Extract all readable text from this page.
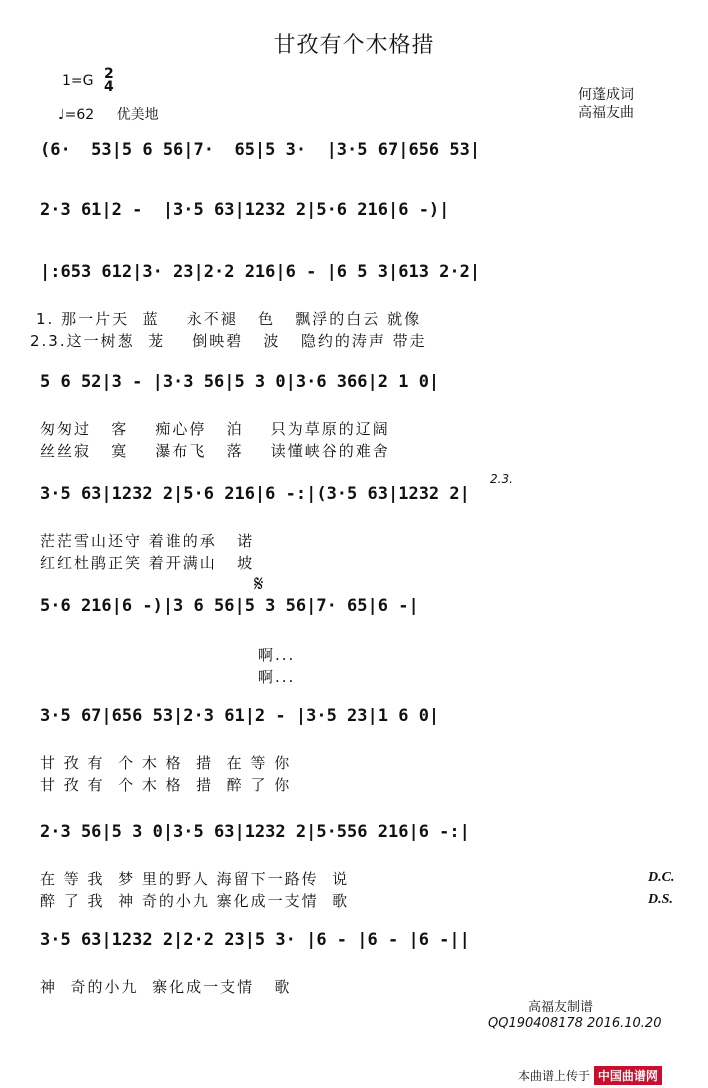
甘孜有个木格措
1=G 2
4
♩=62 优美地
何蓬成词
高福友曲
(6·  53|5 6 56|7·  65|5 3·  |3·5 67|656 53|
2·3 61|2 -  |3·5 63|1232 2|5·6 216|6 -)|
|:653 612|3· 23|2·2 216|6 - |6 5 3|613 2·2|
1. 那一片天  蓝    永不褪   色   飘浮的白云 就像
2.3.这一树葱  茏    倒映碧   波   隐约的涛声 带走
5 6 52|3 - |3·3 56|5 3 0|3·6 366|2 1 0|
匆匆过   客    痴心停   泊    只为草原的辽阔
丝丝寂   寞    瀑布飞   落    读懂峡谷的难舍
3·5 63|1232 2|5·6 216|6 -:|(3·5 63|1232 2|
2.3.
茫茫雪山还守 着谁的承   诺
红红杜鹃正笑 着开满山   坡
5·6 216|6 -)|3 6 56|5 3 56|7· 65|6 -|
𝄋
啊...
啊...
3·5 67|656 53|2·3 61|2 - |3·5 23|1 6 0|
甘 孜 有  个 木 格  措  在 等 你
甘 孜 有  个 木 格  措  醉 了 你
2·3 56|5 3 0|3·5 63|1232 2|5·556 216|6 -:|
在 等 我  梦 里的野人 海留下一路传  说
醉 了 我  神 奇的小九 寨化成一支情  歌
D.C.
D.S.
3·5 63|1232 2|2·2 23|5 3· |6 - |6 - |6 -||
神  奇的小九  寨化成一支情   歌
高福友制谱
QQ190408178 2016.10.20
本曲谱上传于 中国曲谱网
